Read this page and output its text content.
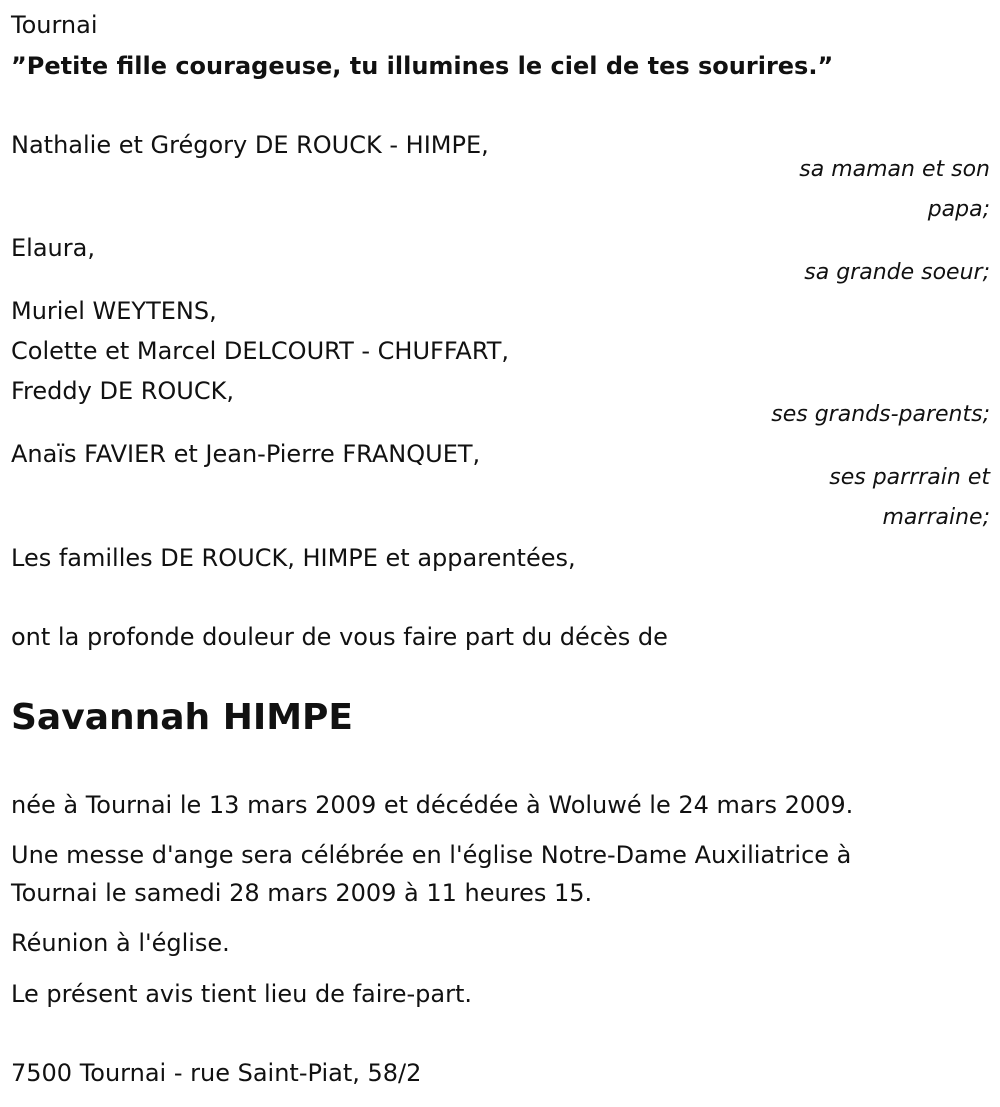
Tournai
”Petite fille courageuse, tu illumines le ciel de tes sourires.”
Nathalie et Grégory DE ROUCK - HIMPE,
sa maman et son
papa;
Elaura,
sa grande soeur;
Muriel WEYTENS,
Colette et Marcel DELCOURT - CHUFFART,
Freddy DE ROUCK,
ses grands-parents;
Anaïs FAVIER et Jean-Pierre FRANQUET,
ses parrrain et
marraine;
Les familles DE ROUCK, HIMPE et apparentées,
ont la profonde douleur de vous faire part du décès de
Savannah HIMPE
née à Tournai le 13 mars 2009 et décédée à Woluwé le 24 mars 2009.
Une messe d'ange sera célébrée en l'église Notre-Dame Auxiliatrice à
Tournai le samedi 28 mars 2009 à 11 heures 15.
Réunion à l'église.
Le présent avis tient lieu de faire-part.
7500 Tournai - rue Saint-Piat, 58/2
